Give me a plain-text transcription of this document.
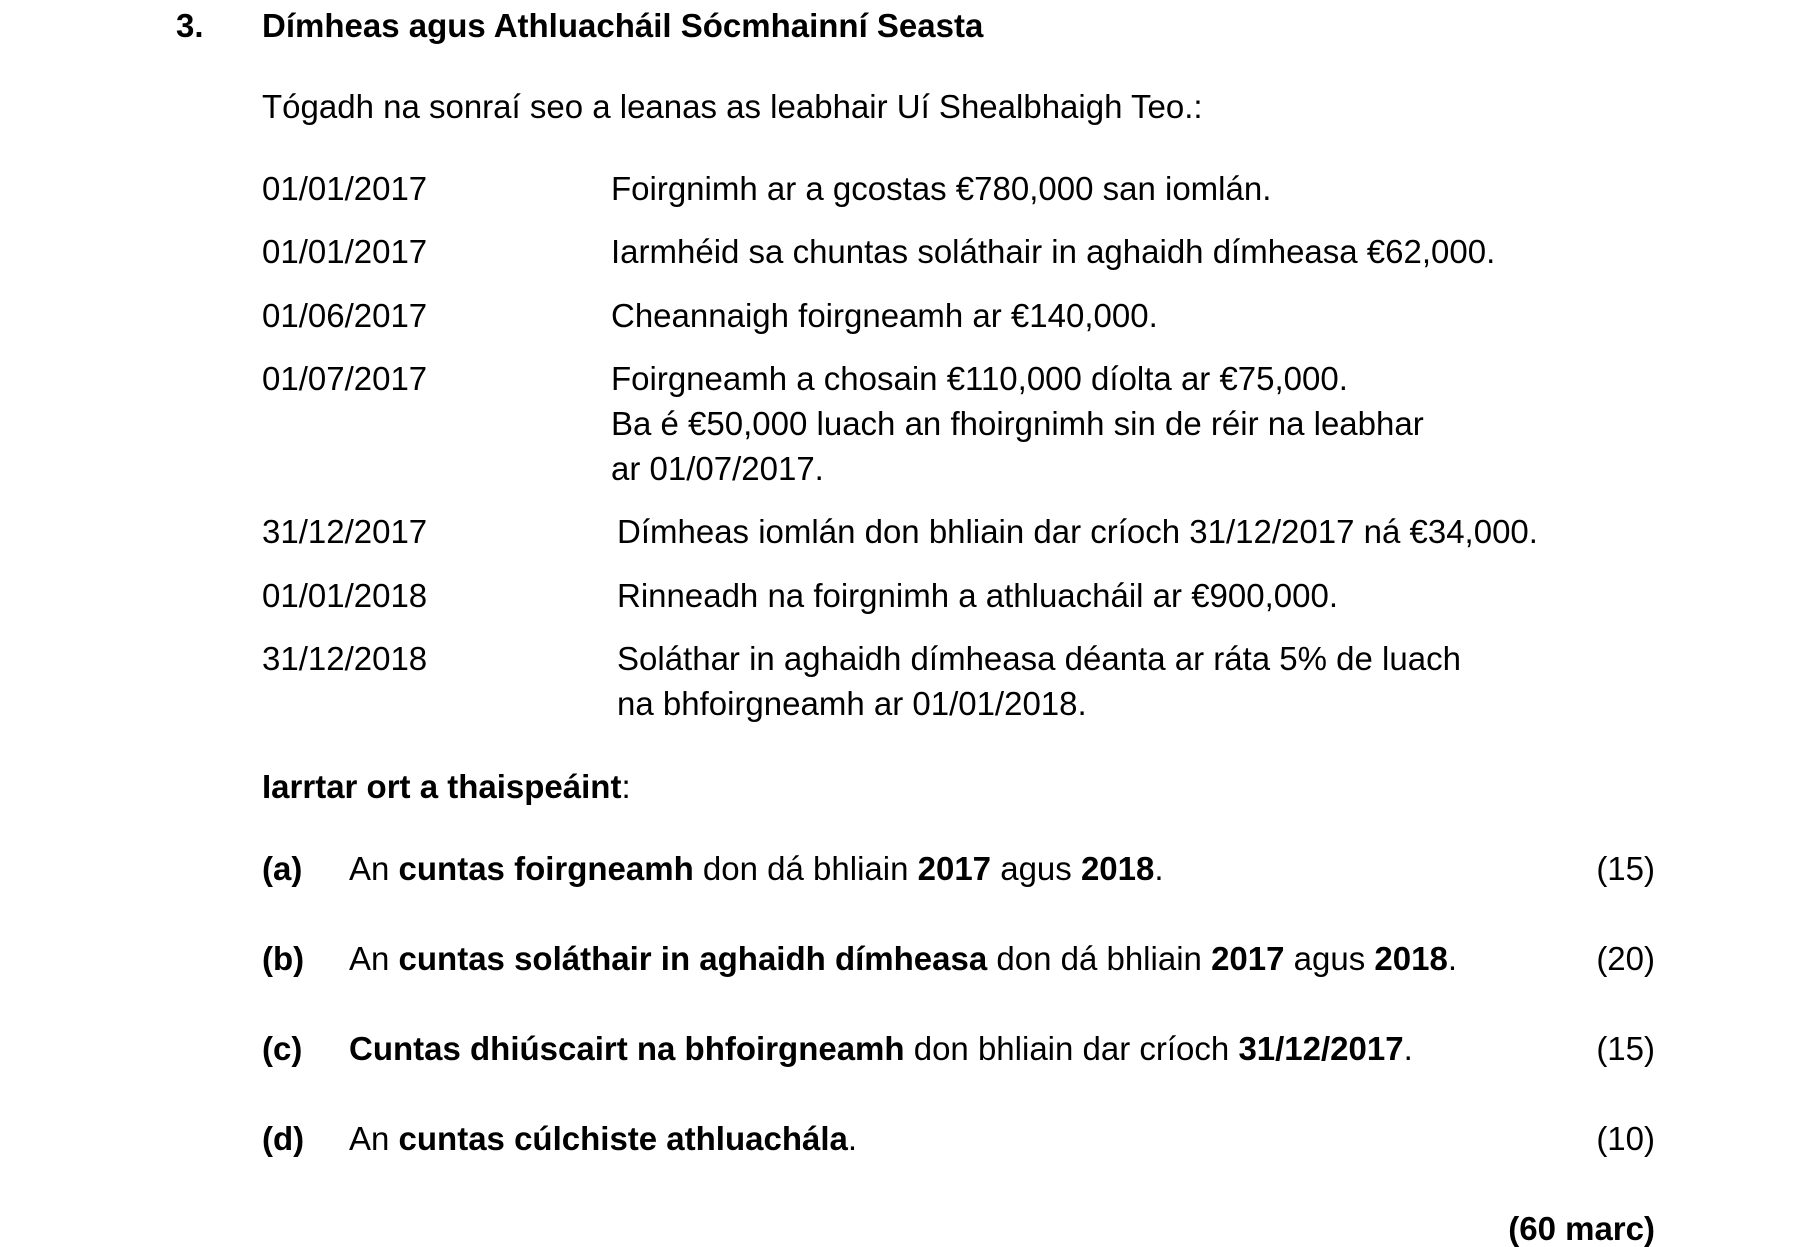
3. Dímheas agus Athluacháil Sócmhainní Seasta
Tógadh na sonraí seo a leanas as leabhair Uí Shealbhaigh Teo.:
01/01/2017	Foirgnimh ar a gcostas €780,000 san iomlán.
01/01/2017	Iarmhéid sa chuntas soláthair in aghaidh dímheasa €62,000.
01/06/2017	Cheannaigh foirgneamh ar €140,000.
01/07/2017	Foirgneamh a chosain €110,000 díolta ar €75,000.
Ba é €50,000 luach an fhoirgnimh sin de réir na leabhar
ar 01/07/2017.
31/12/2017	Dímheas iomlán don bhliain dar críoch 31/12/2017 ná €34,000.
01/01/2018	Rinneadh na foirgnimh a athluacháil ar €900,000.
31/12/2018	Soláthar in aghaidh dímheasa déanta ar ráta 5% de luach
na bhfoirgneamh ar 01/01/2018.
Iarrtar ort a thaispeáint:
(a) An cuntas foirgneamh don dá bhliain 2017 agus 2018.	(15)
(b) An cuntas soláthair in aghaidh dímheasa don dá bhliain 2017 agus 2018.	(20)
(c) Cuntas dhiúscairt na bhfoirgneamh don bhliain dar críoch 31/12/2017.	(15)
(d) An cuntas cúlchiste athluachála.	(10)
(60 marc)
